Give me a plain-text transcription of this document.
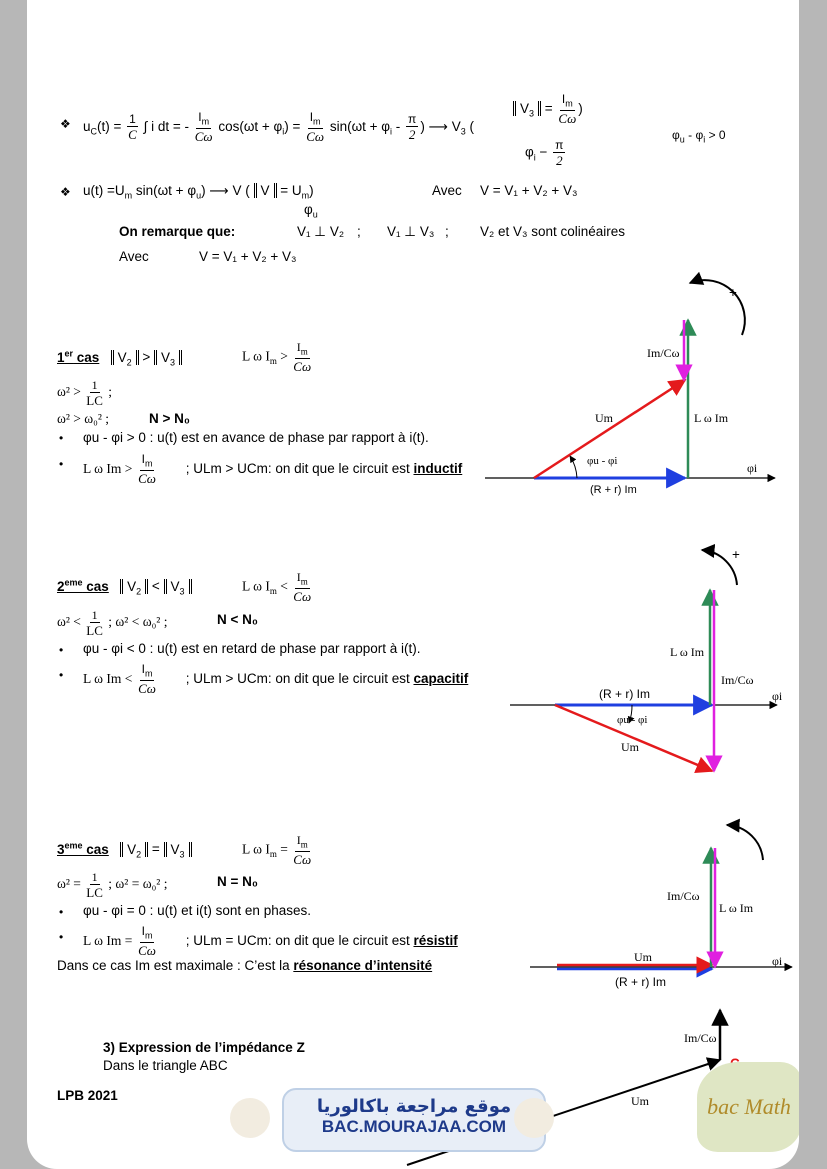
❖ $u_C(t) = \frac{1}{C}$ ∫ i dt = - $\frac{I_m}{C\omega} \cos(\omega t + \varphi_i) = \frac{I_m}{C\omega} \sin(\omega t + \varphi_i - \frac{\pi}{2}$ ) ⟶ $V_3$ (
$V_3 = \frac{I_m}{C\omega}$ )
$\varphi_i - \frac{\pi}{2}$
$\varphi_u - \varphi_i > 0$
❖ $u(t) =U_m$ $\sin(\omega t + \varphi_u)$ ⟶ V ( $V = U_m$)
$\varphi_u$
Avec V = V₁ + V₂ + V₃
On remarque que:	V₁ ⊥ V₂ ; V₁ ⊥ V₃ ; V₂ et V₃ sont colinéaires
Avec	V = V₁ + V₂ + V₃
1er cas $V_2 > V_3$	L ω $I_m > \frac{I_m}{C\omega}$
$\omega^2 > \frac{1}{LC}$ ;
ω² > ω₀² ;	N > N₀
• φu - φi > 0 : u(t) est en avance de phase par rapport à i(t).
• L ω $Im > \frac{I_m}{C\omega}$ ; ULm > UCm: on dit que le circuit est inductif
+
Im/Cω
Um	L ω Im
φu - φi
(R + r) Im
φi
2eme cas $V_2 < V_3$	L ω $I_m < \frac{I_m}{C\omega}$
$\omega^2 < \frac{1}{LC}$ ; ω² < ω₀² ;	N < N₀
• φu - φi < 0 : u(t) est en retard de phase par rapport à i(t).
• L ω $Im < \frac{I_m}{C\omega}$ ; ULm > UCm: on dit que le circuit est capacitif
+
L ω Im
Im/Cω
(R + r) Im	φi
φu - φi
Um
3eme cas $V_2 = V_3$	L ω $I_m = \frac{I_m}{C\omega}$
$\omega^2 = \frac{1}{LC}$ ; ω² = ω₀² ;	N = N₀
• φu - φi = 0 : u(t) et i(t) sont en phases.
• L ω $Im = \frac{I_m}{C\omega}$ ; ULm = UCm: on dit que le circuit est résistif
Dans ce cas Im est maximale : C’est la résonance d’intensité
+
Im/Cω
L ω Im
Um
(R + r) Im
φi
3) Expression de l’impédance Z
Dans le triangle ABC
Im/Cω
Um
LPB 2021
موقع مراجعة باكالوريا
BAC.MOURAJAA.COM
bac Math
